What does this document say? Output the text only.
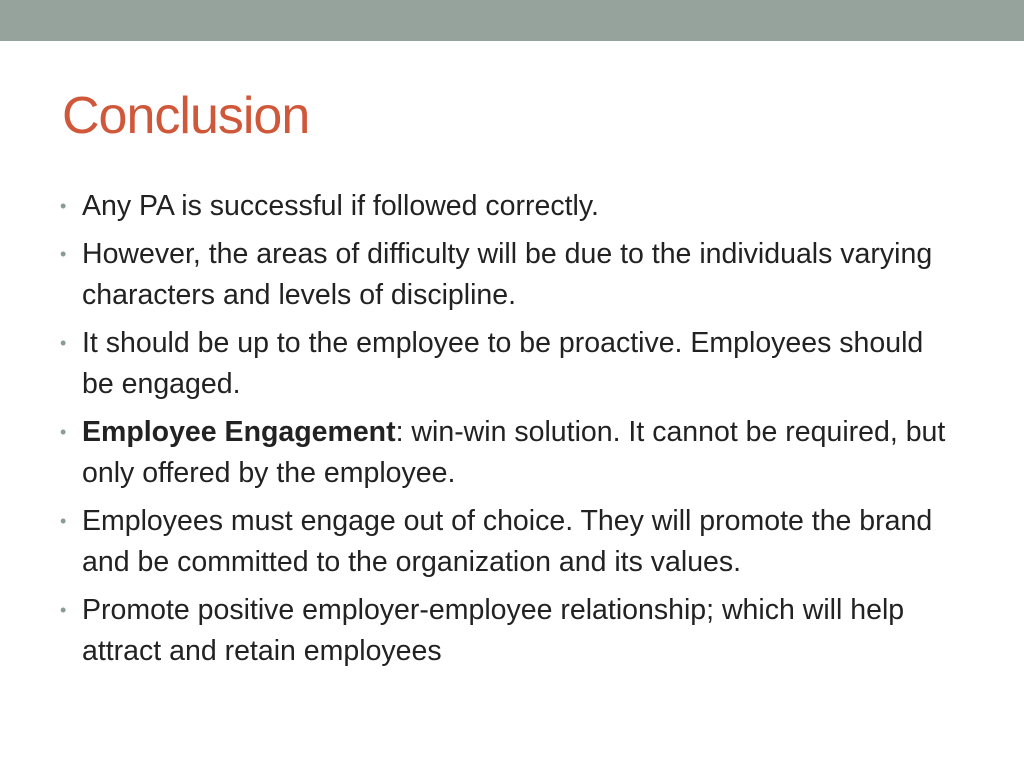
Conclusion
• Any PA is successful if followed correctly.
• However, the areas of difficulty will be due to the individuals varying characters and levels of discipline.
• It should be up to the employee to be proactive. Employees should be engaged.
• Employee Engagement: win-win solution. It cannot be required, but only offered by the employee.
• Employees must engage out of choice. They will promote the brand and be committed to the organization and its values.
• Promote positive employer-employee relationship; which will help attract and retain employees
